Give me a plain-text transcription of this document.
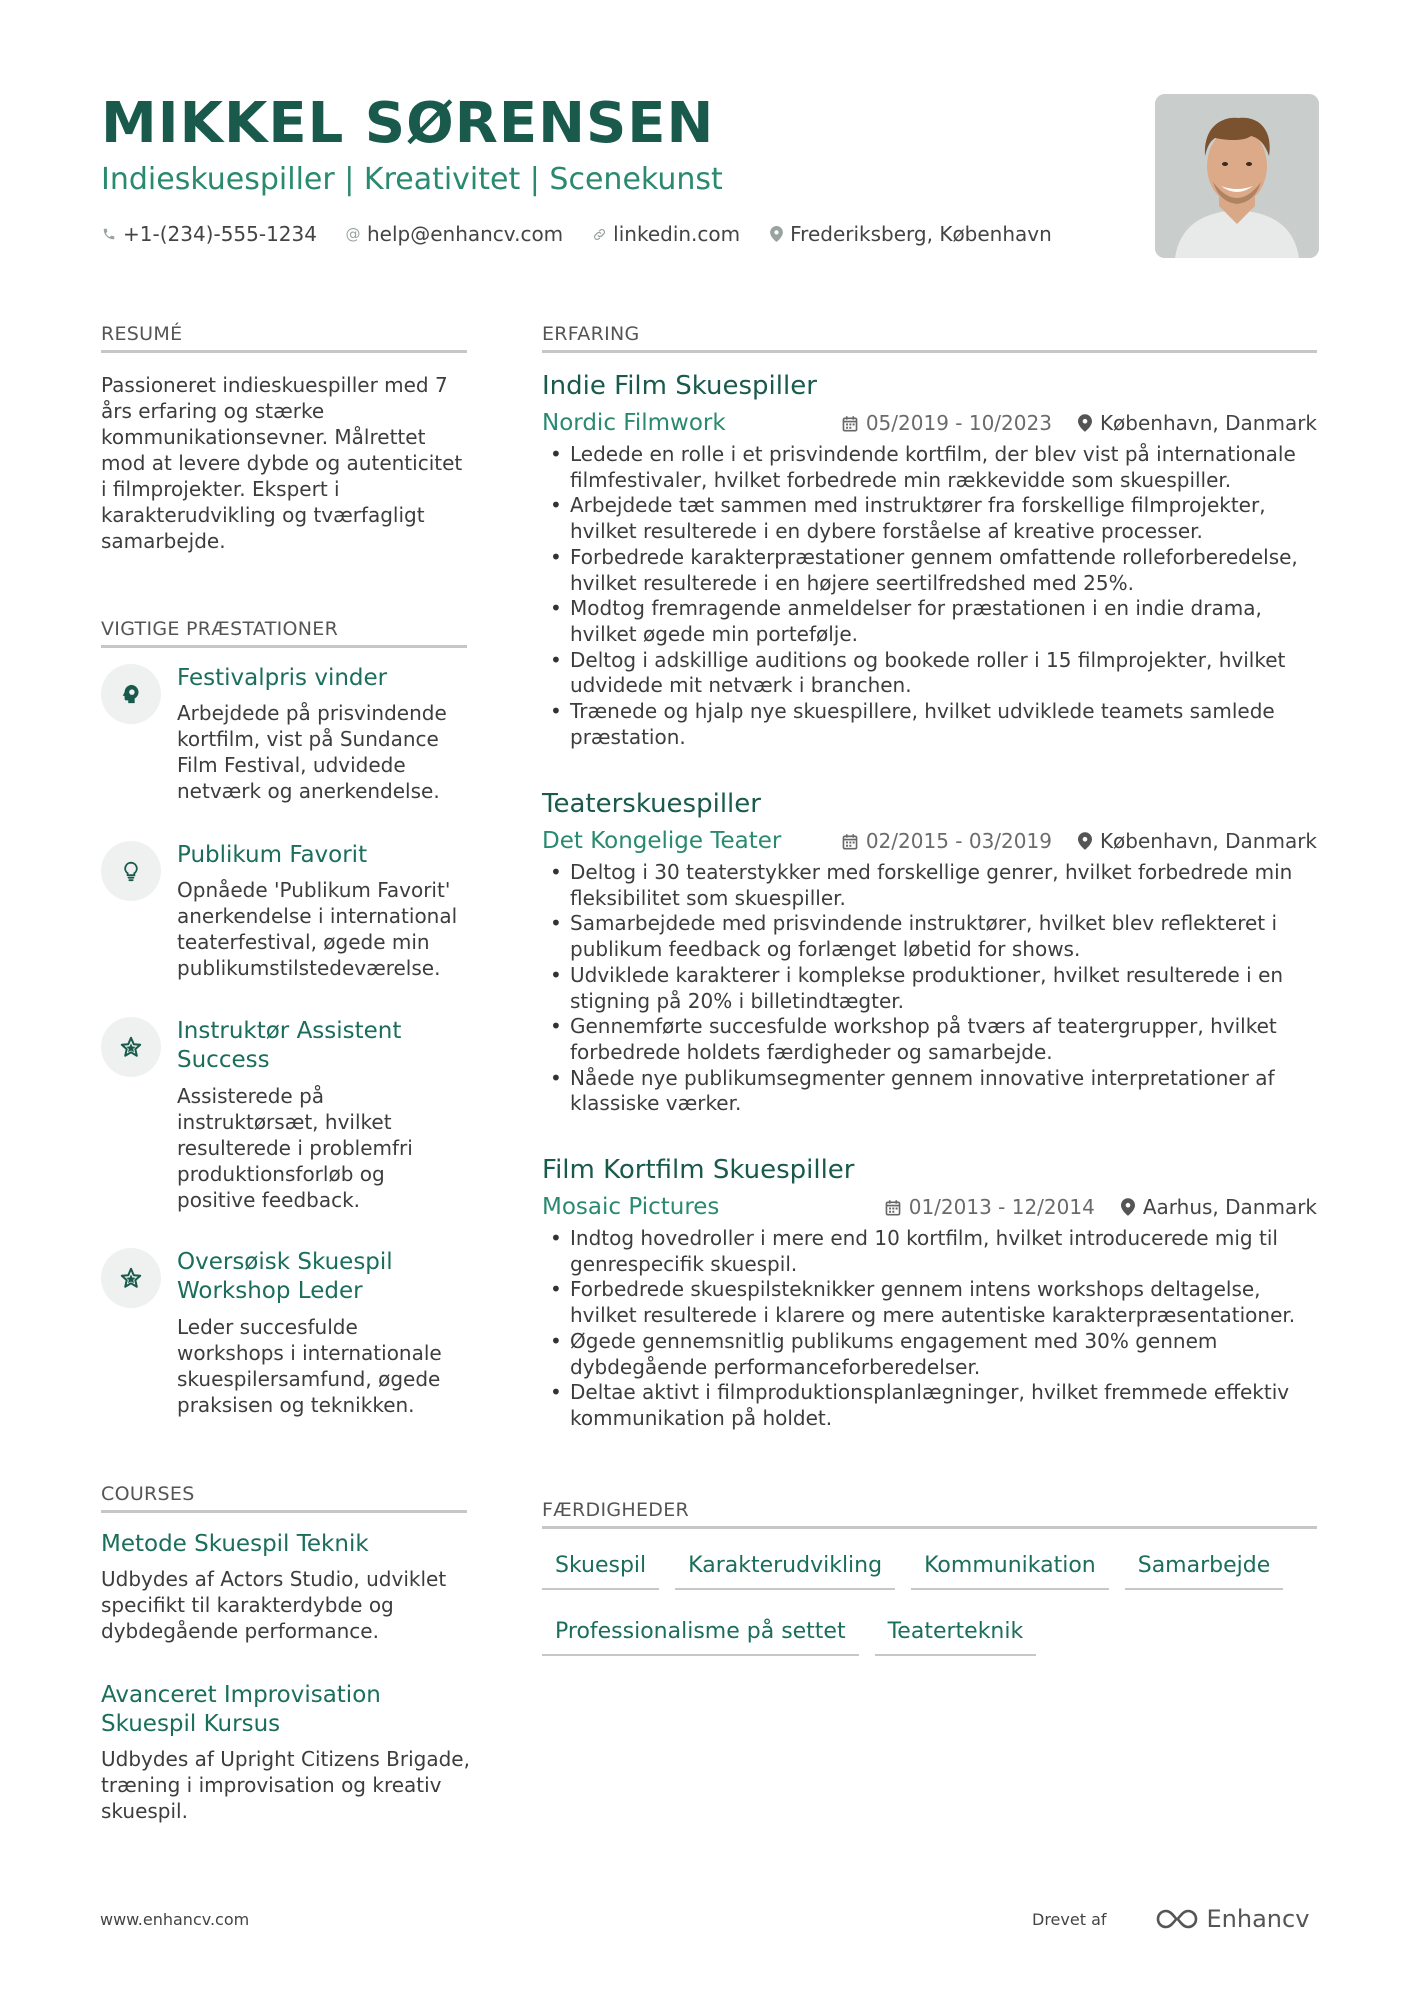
MIKKEL SØRENSEN
Indieskuespiller | Kreativitet | Scenekunst
+1-(234)-555-1234 @ help@enhancv.com	linkedin.com	Frederiksberg, København
RESUMÉ
Passioneret indieskuespiller med 7 års erfaring og stærke kommunikationsevner. Målrettet mod at levere dybde og autenticitet i filmprojekter. Ekspert i karakterudvikling og tværfagligt samarbejde.
VIGTIGE PRÆSTATIONER
Festivalpris vinder
Arbejdede på prisvindende kortfilm, vist på Sundance Film Festival, udvidede netværk og anerkendelse.
Publikum Favorit
Opnåede 'Publikum Favorit' anerkendelse i international teaterfestival, øgede min publikumstilstedeværelse.
Instruktør Assistent Success
Assisterede på instruktørsæt, hvilket resulterede i problemfri produktionsforløb og positive feedback.
Oversøisk Skuespil Workshop Leder
Leder succesfulde workshops i internationale skuespilersamfund, øgede praksisen og teknikken.
COURSES
Metode Skuespil Teknik
Udbydes af Actors Studio, udviklet specifikt til karakterdybde og dybdegående performance.
Avanceret Improvisation Skuespil Kursus
Udbydes af Upright Citizens Brigade, træning i improvisation og kreativ skuespil.
ERFARING
Indie Film Skuespiller
Nordic Filmwork	05/2019 - 10/2023 København, Danmark
• Ledede en rolle i et prisvindende kortfilm, der blev vist på internationale filmfestivaler, hvilket forbedrede min rækkevidde som skuespiller.
• Arbejdede tæt sammen med instruktører fra forskellige filmprojekter, hvilket resulterede i en dybere forståelse af kreative processer.
• Forbedrede karakterpræstationer gennem omfattende rolleforberedelse, hvilket resulterede i en højere seertilfredshed med 25%.
• Modtog fremragende anmeldelser for præstationen i en indie drama, hvilket øgede min portefølje.
• Deltog i adskillige auditions og bookede roller i 15 filmprojekter, hvilket udvidede mit netværk i branchen.
• Trænede og hjalp nye skuespillere, hvilket udviklede teamets samlede præstation.
Teaterskuespiller
Det Kongelige Teater	02/2015 - 03/2019 København, Danmark
• Deltog i 30 teaterstykker med forskellige genrer, hvilket forbedrede min fleksibilitet som skuespiller.
• Samarbejdede med prisvindende instruktører, hvilket blev reflekteret i publikum feedback og forlænget løbetid for shows.
• Udviklede karakterer i komplekse produktioner, hvilket resulterede i en stigning på 20% i billetindtægter.
• Gennemførte succesfulde workshop på tværs af teatergrupper, hvilket forbedrede holdets færdigheder og samarbejde.
• Nåede nye publikumsegmenter gennem innovative interpretationer af klassiske værker.
Film Kortfilm Skuespiller
Mosaic Pictures	01/2013 - 12/2014 Aarhus, Danmark
• Indtog hovedroller i mere end 10 kortfilm, hvilket introducerede mig til genrespecifik skuespil.
• Forbedrede skuespilsteknikker gennem intens workshops deltagelse, hvilket resulterede i klarere og mere autentiske karakterpræsentationer.
• Øgede gennemsnitlig publikums engagement med 30% gennem dybdegående performanceforberedelser.
• Deltae aktivt i filmproduktionsplanlægninger, hvilket fremmede effektiv kommunikation på holdet.
FÆRDIGHEDER
Skuespil	Karakterudvikling	Kommunikation	Samarbejde
Professionalisme på settet	Teaterteknik
www.enhancv.com	Drevet af	Enhancv
